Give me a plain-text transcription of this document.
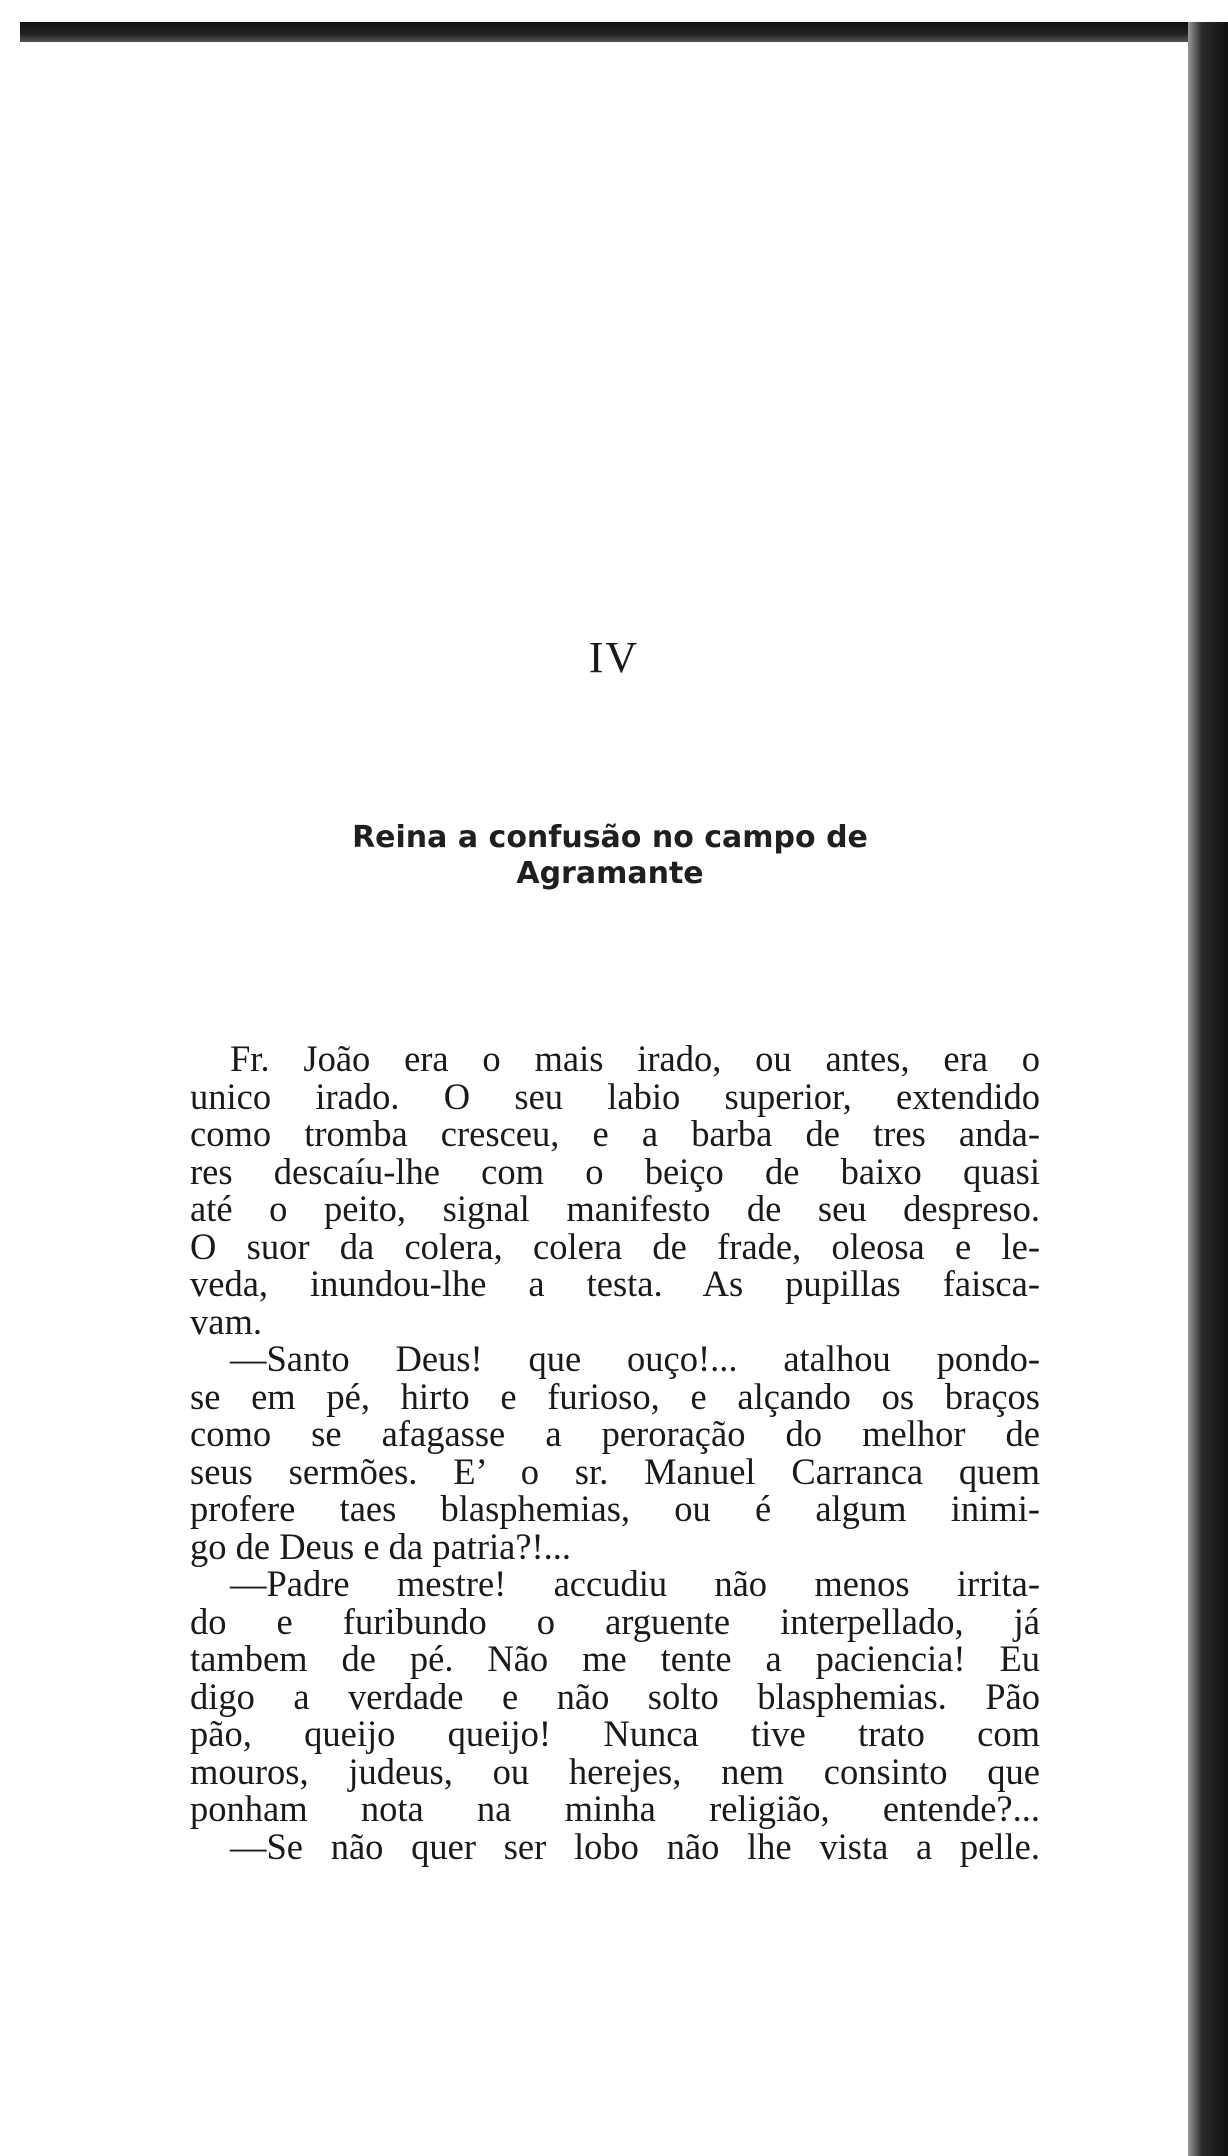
IV
Reina a confusão no campo de
Agramante
Fr. João era o mais irado, ou antes, era o
unico irado. O seu labio superior, extendido
como tromba cresceu, e a barba de tres anda-
res descaíu-lhe com o beiço de baixo quasi
até o peito, signal manifesto de seu despreso.
O suor da colera, colera de frade, oleosa e le-
veda, inundou-lhe a testa. As pupillas faisca-
vam.
—Santo Deus! que ouço!... atalhou pondo-
se em pé, hirto e furioso, e alçando os braços
como se afagasse a peroração do melhor de
seus sermões. E’ o sr. Manuel Carranca quem
profere taes blasphemias, ou é algum inimi-
go de Deus e da patria?!...
—Padre mestre! accudiu não menos irrita-
do e furibundo o arguente interpellado, já
tambem de pé. Não me tente a paciencia! Eu
digo a verdade e não solto blasphemias. Pão
pão, queijo queijo! Nunca tive trato com
mouros, judeus, ou herejes, nem consinto que
ponham nota na minha religião, entende?...
—Se não quer ser lobo não lhe vista a pelle.
